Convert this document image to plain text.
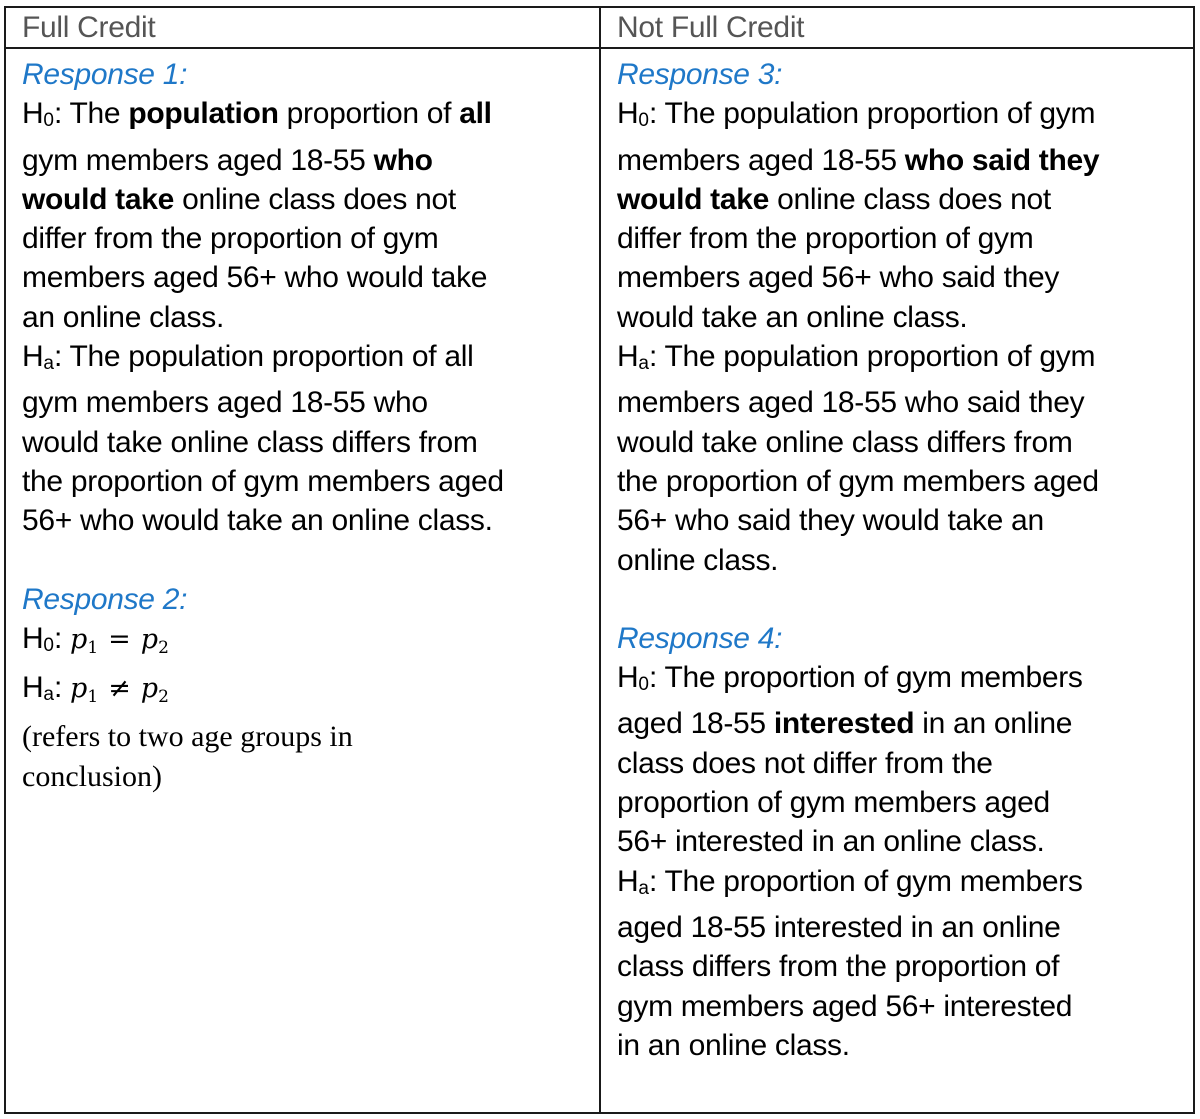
Full Credit	Not Full Credit
Response 1:
H0: The population proportion of all
gym members aged 18-55 who
would take online class does not
differ from the proportion of gym
members aged 56+ who would take
an online class.
Ha: The population proportion of all
gym members aged 18-55 who
would take online class differs from
the proportion of gym members aged
56+ who would take an online class.
Response 2:
H0: p1 = p2
Ha: p1 ≠ p2
(refers to two age groups in
conclusion)
Response 3:
H0: The population proportion of gym
members aged 18-55 who said they
would take online class does not
differ from the proportion of gym
members aged 56+ who said they
would take an online class.
Ha: The population proportion of gym
members aged 18-55 who said they
would take online class differs from
the proportion of gym members aged
56+ who said they would take an
online class.
Response 4:
H0: The proportion of gym members
aged 18-55 interested in an online
class does not differ from the
proportion of gym members aged
56+ interested in an online class.
Ha: The proportion of gym members
aged 18-55 interested in an online
class differs from the proportion of
gym members aged 56+ interested
in an online class.
